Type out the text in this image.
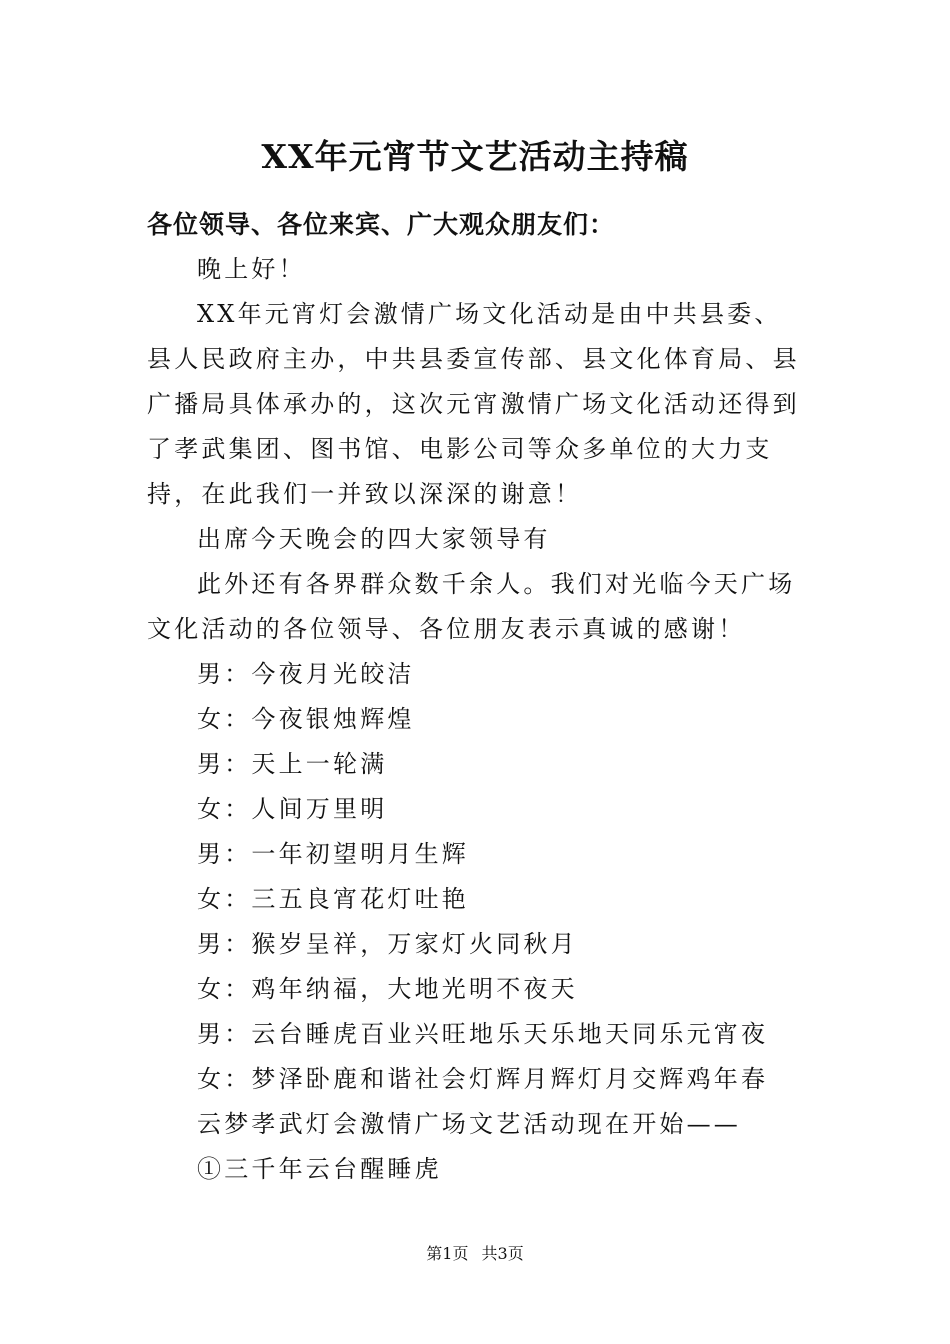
XX年元宵节文艺活动主持稿
各位领导、各位来宾、广大观众朋友们：

晚上好！

XX年元宵灯会激情广场文化活动是由中共县委、县人民政府主办，中共县委宣传部、县文化体育局、县广播局具体承办的，这次元宵激情广场文化活动还得到了孝武集团、图书馆、电影公司等众多单位的大力支持，在此我们一并致以深深的谢意！

出席今天晚会的四大家领导有

此外还有各界群众数千余人。我们对光临今天广场文化活动的各位领导、各位朋友表示真诚的感谢！

男：今夜月光皎洁

女：今夜银烛辉煌

男：天上一轮满

女：人间万里明

男：一年初望明月生辉

女：三五良宵花灯吐艳

男：猴岁呈祥，万家灯火同秋月

女：鸡年纳福，大地光明不夜天

男：云台睡虎百业兴旺地乐天乐地天同乐元宵夜

女：梦泽卧鹿和谐社会灯辉月辉灯月交辉鸡年春

云梦孝武灯会激情广场文艺活动现在开始——

①三千年云台醒睡虎

第1页 共3页
